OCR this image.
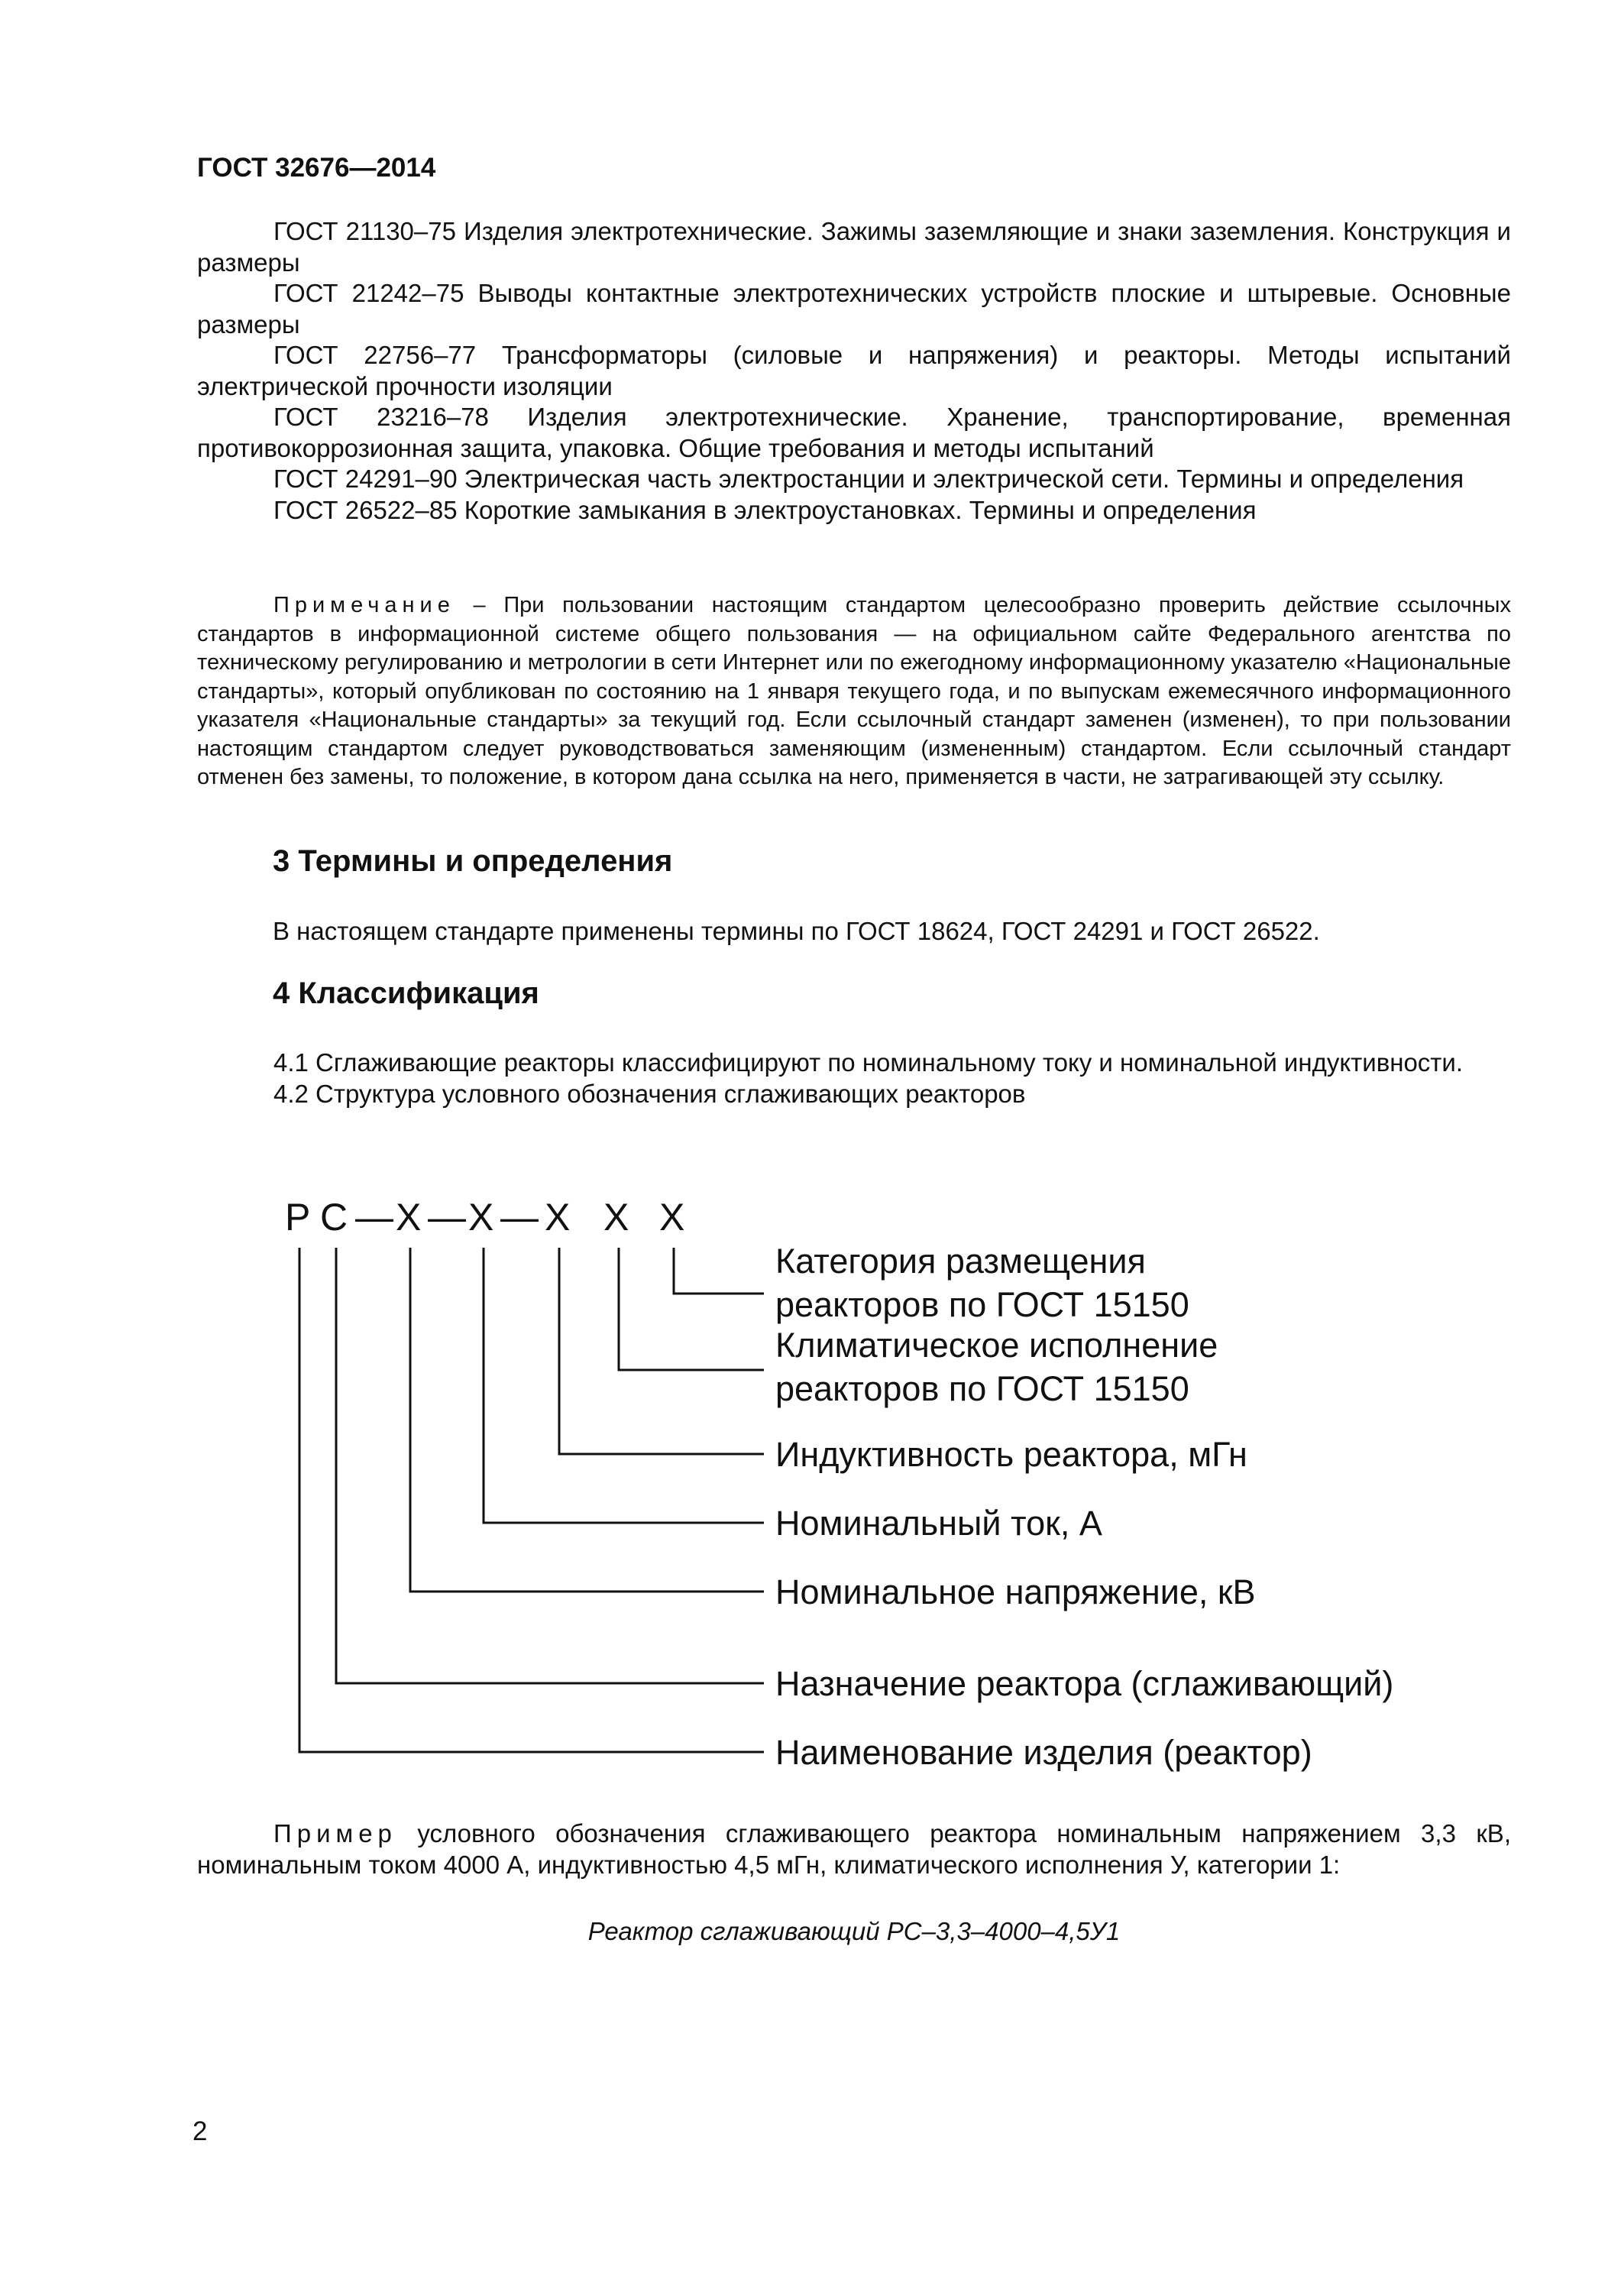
ГОСТ 32676—2014

ГОСТ 21130–75 Изделия электротехнические. Зажимы заземляющие и знаки заземления. Конструкция и размеры

ГОСТ 21242–75 Выводы контактные электротехнических устройств плоские и штыревые. Основные размеры

ГОСТ 22756–77 Трансформаторы (силовые и напряжения) и реакторы. Методы испытаний электрической прочности изоляции

ГОСТ 23216–78 Изделия электротехнические. Хранение, транспортирование, временная противокоррозионная защита, упаковка. Общие требования и методы испытаний

ГОСТ 24291–90 Электрическая часть электростанции и электрической сети. Термины и определения

ГОСТ 26522–85 Короткие замыкания в электроустановках. Термины и определения

Примечание – При пользовании настоящим стандартом целесообразно проверить действие ссылочных стандартов в информационной системе общего пользования — на официальном сайте Федерального агентства по техническому регулированию и метрологии в сети Интернет или по ежегодному информационному указателю «Национальные стандарты», который опубликован по состоянию на 1 января текущего года, и по выпускам ежемесячного информационного указателя «Национальные стандарты» за текущий год. Если ссылочный стандарт заменен (изменен), то при пользовании настоящим стандартом следует руководствоваться заменяющим (измененным) стандартом. Если ссылочный стандарт отменен без замены, то положение, в котором дана ссылка на него, применяется в части, не затрагивающей эту ссылку.
3 Термины и определения
В настоящем стандарте применены термины по ГОСТ 18624, ГОСТ 24291 и ГОСТ 26522.
4 Классификация

4.1 Сглаживающие реакторы классифицируют по номинальному току и номинальной индуктивности.

4.2 Структура условного обозначения сглаживающих реакторов

Р С — Х — Х — Х Х Х
Категория размещения
реакторов по ГОСТ 15150
Климатическое исполнение
реакторов по ГОСТ 15150
Индуктивность реактора, мГн
Номинальный ток, А
Номинальное напряжение, кВ
Назначение реактора (сглаживающий)
Наименование изделия (реактор)
Пример условного обозначения сглаживающего реактора номинальным напряжением 3,3 кВ, номинальным током 4000 А, индуктивностью 4,5 мГн, климатического исполнения У, категории 1:
Реактор сглаживающий РС–3,3–4000–4,5У1
2
